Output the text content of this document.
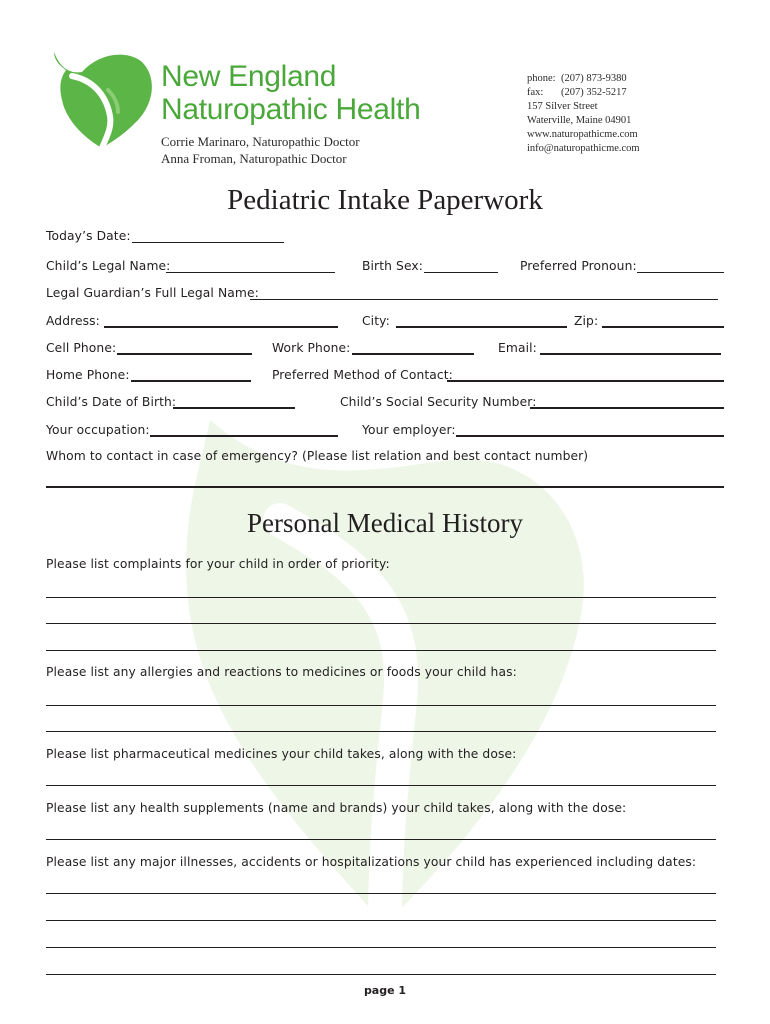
New England
Naturopathic Health
Corrie Marinaro, Naturopathic Doctor
Anna Froman, Naturopathic Doctor
phone: (207) 873-9380
fax: (207) 352-5217
157 Silver Street
Waterville, Maine 04901
www.naturopathicme.com
info@naturopathicme.com
Pediatric Intake Paperwork
Today’s Date:
Child’s Legal Name:	Birth Sex:	Preferred Pronoun:
Legal Guardian’s Full Legal Name:
Address:	City:	Zip:
Cell Phone:	Work Phone:	Email:
Home Phone:	Preferred Method of Contact:
Child’s Date of Birth:	Child’s Social Security Number:
Your occupation:	Your employer:
Whom to contact in case of emergency? (Please list relation and best contact number)
Personal Medical History
Please list complaints for your child in order of priority:
Please list any allergies and reactions to medicines or foods your child has:
Please list pharmaceutical medicines your child takes, along with the dose:
Please list any health supplements (name and brands) your child takes, along with the dose:
Please list any major illnesses, accidents or hospitalizations your child has experienced including dates:
page 1
